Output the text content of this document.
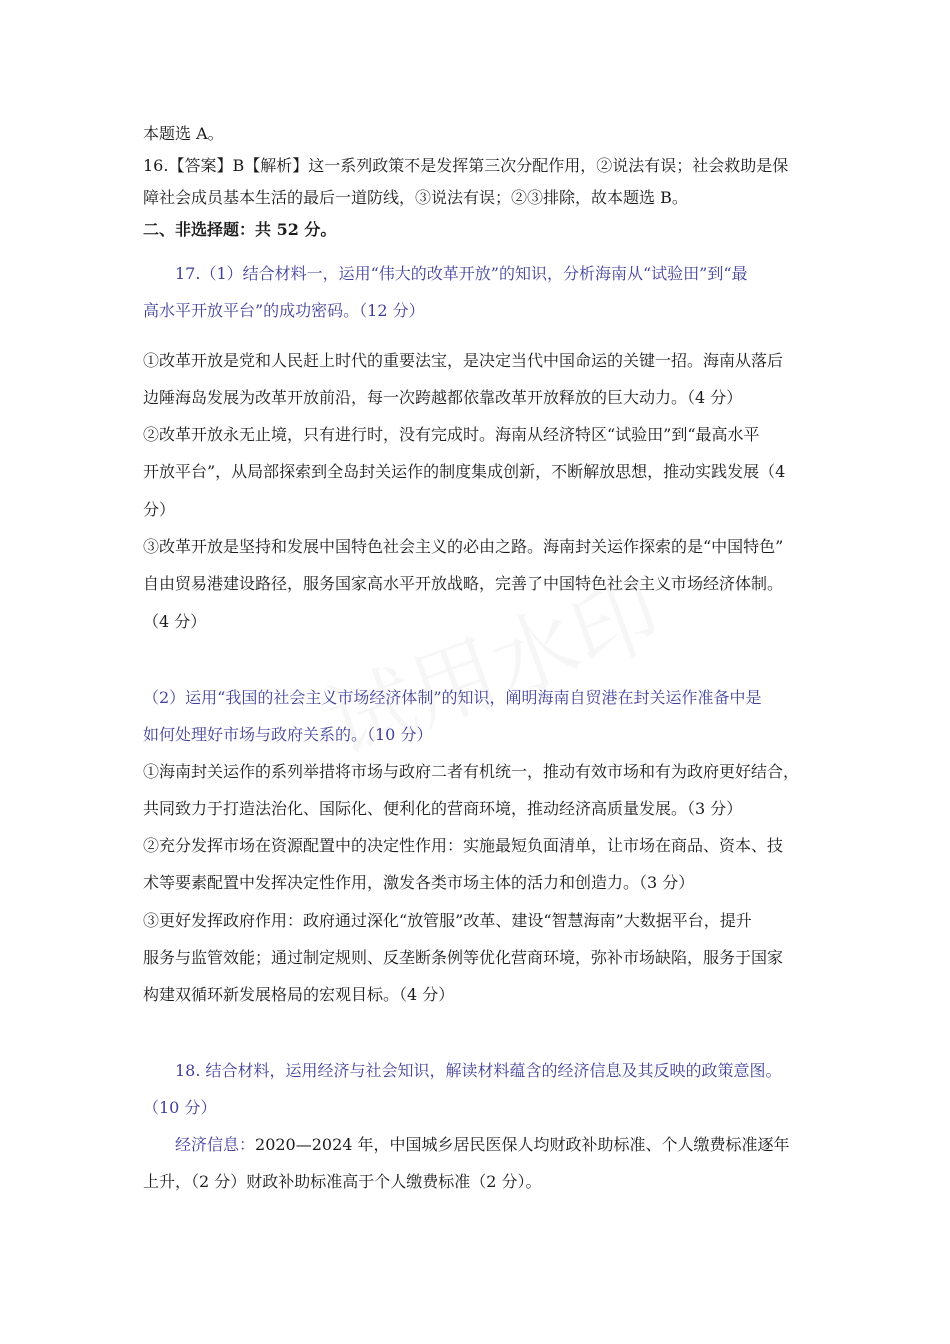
本题选 A。

16.【答案】B【解析】这一系列政策不是发挥第三次分配作用，②说法有误；社会救助是保

障社会成员基本生活的最后一道防线，③说法有误；②③排除，故本题选 B。

二、非选择题：共 52 分。

17.（1）结合材料一，运用“伟大的改革开放”的知识，分析海南从“试验田”到“最

高水平开放平台”的成功密码。（12 分）

①改革开放是党和人民赶上时代的重要法宝，是决定当代中国命运的关键一招。海南从落后

边陲海岛发展为改革开放前沿，每一次跨越都依靠改革开放释放的巨大动力。（4 分）

②改革开放永无止境，只有进行时，没有完成时。海南从经济特区“试验田”到“最高水平

开放平台”，从局部探索到全岛封关运作的制度集成创新，不断解放思想，推动实践发展（4

分）

③改革开放是坚持和发展中国特色社会主义的必由之路。海南封关运作探索的是“中国特色”

自由贸易港建设路径，服务国家高水平开放战略，完善了中国特色社会主义市场经济体制。

（4 分）

（2）运用“我国的社会主义市场经济体制”的知识，阐明海南自贸港在封关运作准备中是

如何处理好市场与政府关系的。（10 分）

①海南封关运作的系列举措将市场与政府二者有机统一，推动有效市场和有为政府更好结合，

共同致力于打造法治化、国际化、便利化的营商环境，推动经济高质量发展。（3 分）

②充分发挥市场在资源配置中的决定性作用：实施最短负面清单，让市场在商品、资本、技

术等要素配置中发挥决定性作用，激发各类市场主体的活力和创造力。（3 分）

③更好发挥政府作用：政府通过深化“放管服”改革、建设“智慧海南”大数据平台，提升

服务与监管效能；通过制定规则、反垄断条例等优化营商环境，弥补市场缺陷，服务于国家

构建双循环新发展格局的宏观目标。（4 分）

18. 结合材料，运用经济与社会知识，解读材料蕴含的经济信息及其反映的政策意图。

（10 分）

经济信息：2020—2024 年，中国城乡居民医保人均财政补助标准、个人缴费标准逐年

上升，（2 分）财政补助标准高于个人缴费标准（2 分）。
